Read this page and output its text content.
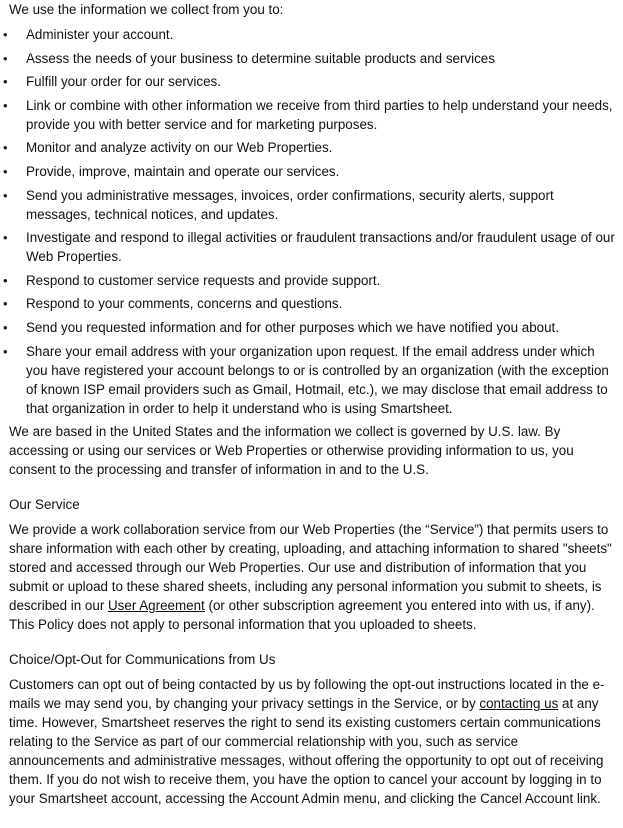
We use the information we collect from you to:

• Administer your account.
• Assess the needs of your business to determine suitable products and services
• Fulfill your order for our services.
• Link or combine with other information we receive from third parties to help understand your needs, provide you with better service and for marketing purposes.
• Monitor and analyze activity on our Web Properties.
• Provide, improve, maintain and operate our services.
• Send you administrative messages, invoices, order confirmations, security alerts, support messages, technical notices, and updates.
• Investigate and respond to illegal activities or fraudulent transactions and/or fraudulent usage of our Web Properties.
• Respond to customer service requests and provide support.
• Respond to your comments, concerns and questions.
• Send you requested information and for other purposes which we have notified you about.
• Share your email address with your organization upon request. If the email address under which you have registered your account belongs to or is controlled by an organization (with the exception of known ISP email providers such as Gmail, Hotmail, etc.), we may disclose that email address to that organization in order to help it understand who is using Smartsheet.

We are based in the United States and the information we collect is governed by U.S. law. By accessing or using our services or Web Properties or otherwise providing information to us, you consent to the processing and transfer of information in and to the U.S.

Our Service

We provide a work collaboration service from our Web Properties (the “Service”) that permits users to share information with each other by creating, uploading, and attaching information to shared "sheets" stored and accessed through our Web Properties. Our use and distribution of information that you submit or upload to these shared sheets, including any personal information you submit to sheets, is described in our User Agreement (or other subscription agreement you entered into with us, if any). This Policy does not apply to personal information that you uploaded to sheets.

Choice/Opt-Out for Communications from Us

Customers can opt out of being contacted by us by following the opt-out instructions located in the e-mails we may send you, by changing your privacy settings in the Service, or by contacting us at any time. However, Smartsheet reserves the right to send its existing customers certain communications relating to the Service as part of our commercial relationship with you, such as service announcements and administrative messages, without offering the opportunity to opt out of receiving them. If you do not wish to receive them, you have the option to cancel your account by logging in to your Smartsheet account, accessing the Account Admin menu, and clicking the Cancel Account link.
